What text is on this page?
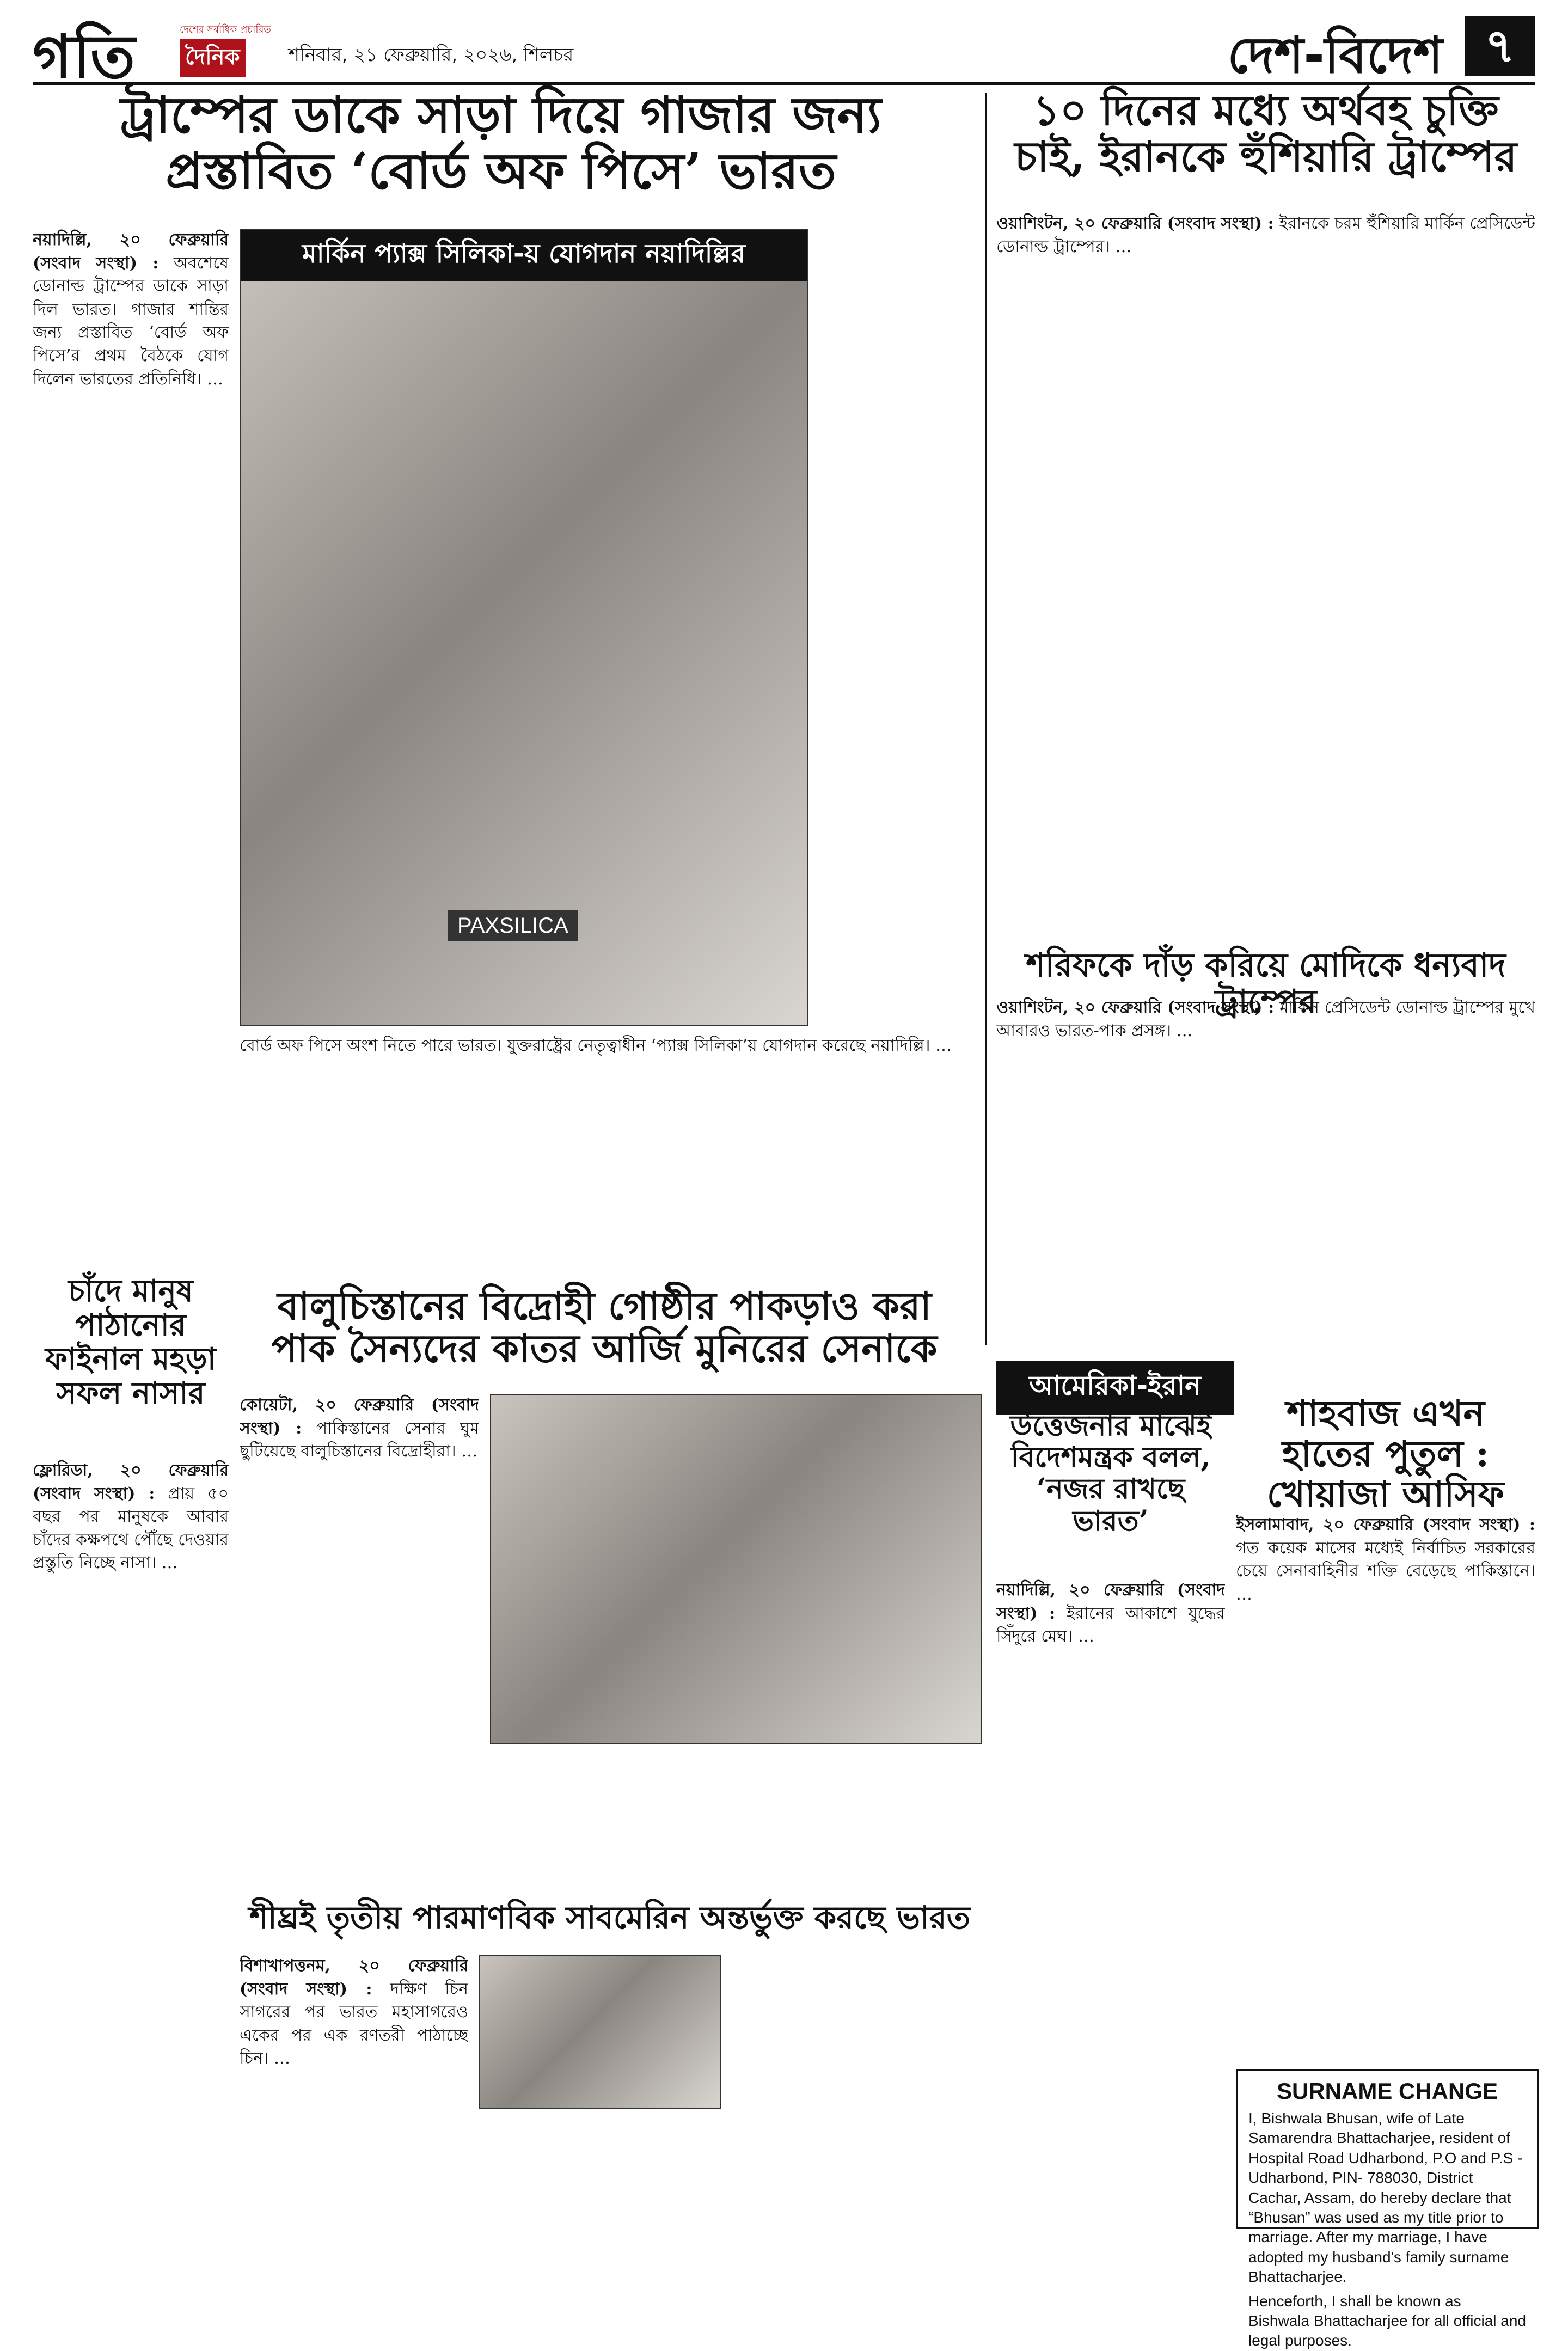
গতি	দেশের সর্বাধিক প্রচারিত
দৈনিক	শনিবার, ২১ ফেব্রুয়ারি, ২০২৬, শিলচর	দেশ-বিদেশ ৭
ট্রাম্পের ডাকে সাড়া দিয়ে গাজার জন্য প্রস্তাবিত ‘বোর্ড অফ পিসে’ ভারত
নয়াদিল্লি, ২০ ফেব্রুয়ারি (সংবাদ সংস্থা) : অবশেষে ডোনাল্ড ট্রাম্পের ডাকে সাড়া দিল ভারত। গাজার শান্তির জন্য প্রস্তাবিত ‘বোর্ড অফ পিসে’র প্রথম বৈঠকে যোগ দিলেন ভারতের প্রতিনিধি। …
মার্কিন প্যাক্স সিলিকা-য় যোগদান নয়াদিল্লির
PAXSILICA
বোর্ড অফ পিসে অংশ নিতে পারে ভারত। যুক্তরাষ্ট্রের নেতৃত্বাধীন ‘প্যাক্স সিলিকা’য় যোগদান করেছে নয়াদিল্লি। …
১০ দিনের মধ্যে অর্থবহ চুক্তি চাই, ইরানকে হুঁশিয়ারি ট্রাম্পের
ওয়াশিংটন, ২০ ফেব্রুয়ারি (সংবাদ সংস্থা) : ইরানকে চরম হুঁশিয়ারি মার্কিন প্রেসিডেন্ট ডোনাল্ড ট্রাম্পের। …
শরিফকে দাঁড় করিয়ে মোদিকে ধন্যবাদ ট্রাম্পের
ওয়াশিংটন, ২০ ফেব্রুয়ারি (সংবাদ সংস্থা) : মার্কিন প্রেসিডেন্ট ডোনাল্ড ট্রাম্পের মুখে আবারও ভারত-পাক প্রসঙ্গ। …
চাঁদে মানুষ পাঠানোর ফাইনাল মহড়া সফল নাসার
ফ্লোরিডা, ২০ ফেব্রুয়ারি (সংবাদ সংস্থা) : প্রায় ৫০ বছর পর মানুষকে আবার চাঁদের কক্ষপথে পৌঁছে দেওয়ার প্রস্তুতি নিচ্ছে নাসা। …
বালুচিস্তানের বিদ্রোহী গোষ্ঠীর পাকড়াও করা পাক সৈন্যদের কাতর আর্জি মুনিরের সেনাকে
কোয়েটা, ২০ ফেব্রুয়ারি (সংবাদ সংস্থা) : পাকিস্তানের সেনার ঘুম ছুটিয়েছে বালুচিস্তানের বিদ্রোহীরা। …
আমেরিকা-ইরান
উত্তেজনার মাঝেই বিদেশমন্ত্রক বলল, ‘নজর রাখছে ভারত’
নয়াদিল্লি, ২০ ফেব্রুয়ারি (সংবাদ সংস্থা) : ইরানের আকাশে যুদ্ধের সিঁদুরে মেঘ। …
শাহবাজ এখন হাতের পুতুল : খোয়াজা আসিফ
ইসলামাবাদ, ২০ ফেব্রুয়ারি (সংবাদ সংস্থা) : গত কয়েক মাসের মধ্যেই নির্বাচিত সরকারের চেয়ে সেনাবাহিনীর শক্তি বেড়েছে পাকিস্তানে। …
শীঘ্রই তৃতীয় পারমাণবিক সাবমেরিন অন্তর্ভুক্ত করছে ভারত
বিশাখাপত্তনম, ২০ ফেব্রুয়ারি (সংবাদ সংস্থা) : দক্ষিণ চিন সাগরের পর ভারত মহাসাগরেও একের পর এক রণতরী পাঠাচ্ছে চিন। …
SURNAME CHANGE

I, Bishwala Bhusan, wife of Late Samarendra Bhattacharjee, resident of Hospital Road Udharbond, P.O and P.S - Udharbond, PIN- 788030, District Cachar, Assam, do hereby declare that “Bhusan” was used as my title prior to marriage. After my marriage, I have adopted my husband's family surname Bhattacharjee.

Henceforth, I shall be known as Bishwala Bhattacharjee for all official and legal purposes.
